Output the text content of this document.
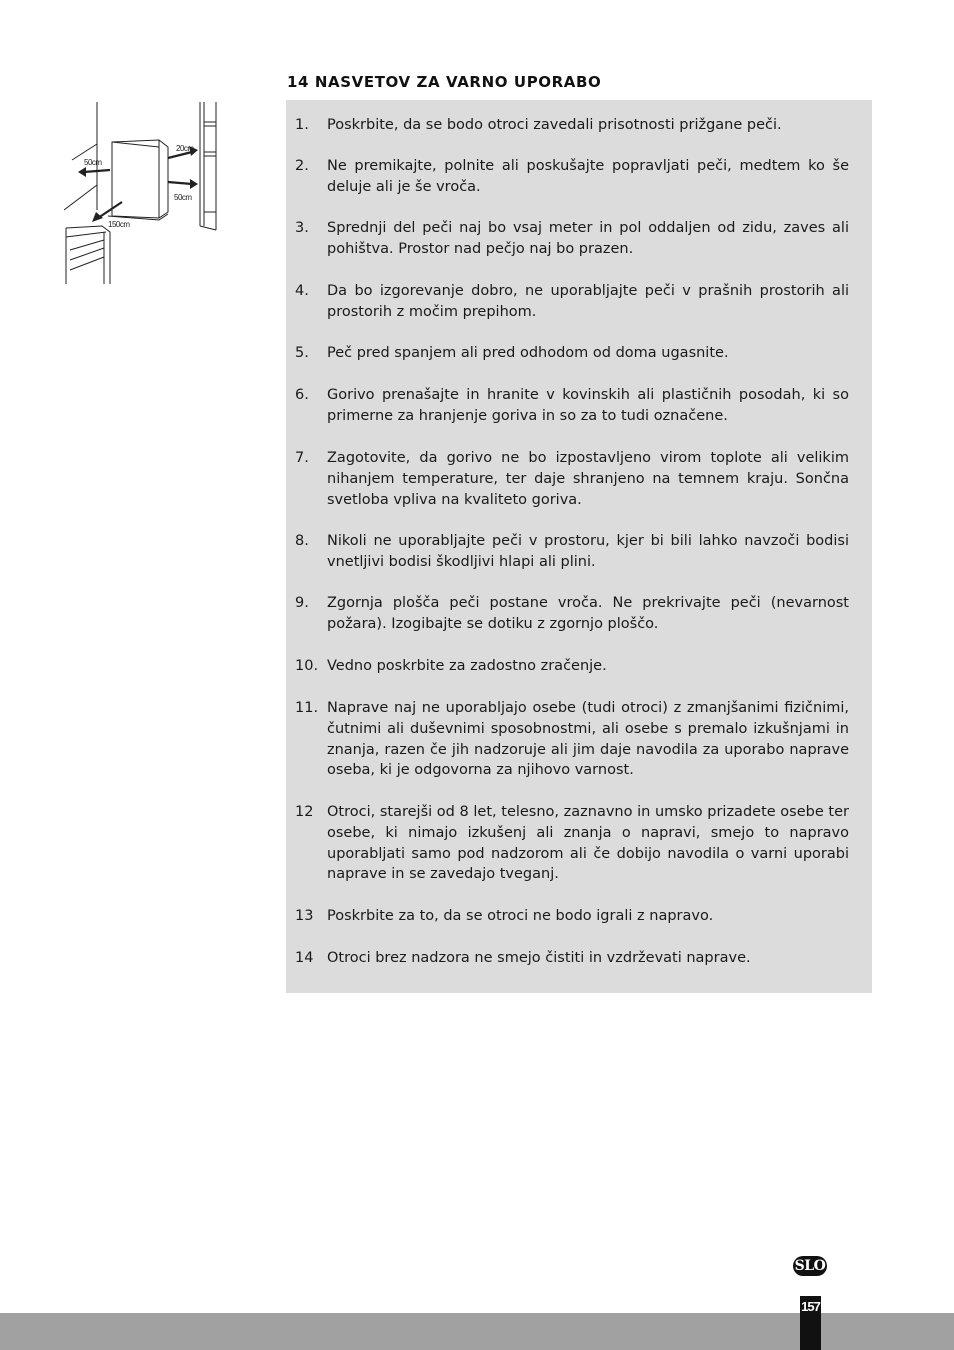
14 NASVETOV ZA VARNO UPORABO
50cm
20cm
50cm
150cm
1. Poskrbite, da se bodo otroci zavedali prisotnosti prižgane peči.
2. Ne premikajte, polnite ali poskušajte popravljati peči, medtem ko še deluje ali je še vroča.
3. Sprednji del peči naj bo vsaj meter in pol oddaljen od zidu, zaves ali pohištva. Prostor nad pečjo naj bo prazen.
4. Da bo izgorevanje dobro, ne uporabljajte peči v prašnih prostorih ali prostorih z močim prepihom.
5. Peč pred spanjem ali pred odhodom od doma ugasnite.
6. Gorivo prenašajte in hranite v kovinskih ali plastičnih posodah, ki so primerne za hranjenje goriva in so za to tudi označene.
7. Zagotovite, da gorivo ne bo izpostavljeno virom toplote ali velikim nihanjem temperature, ter daje shranjeno na temnem kraju. Sončna svetloba vpliva na kvaliteto goriva.
8. Nikoli ne uporabljajte peči v prostoru, kjer bi bili lahko navzoči bodisi vnetljivi bodisi škodljivi hlapi ali plini.
9. Zgornja plošča peči postane vroča. Ne prekrivajte peči (nevarnost požara). Izogibajte se dotiku z zgornjo ploščo.
10. Vedno poskrbite za zadostno zračenje.
11. Naprave naj ne uporabljajo osebe (tudi otroci) z zmanjšanimi fizičnimi, čutnimi ali duševnimi sposobnostmi, ali osebe s premalo izkušnjami in znanja, razen če jih nadzoruje ali jim daje navodila za uporabo naprave oseba, ki je odgovorna za njihovo varnost.
12 Otroci, starejši od 8 let, telesno, zaznavno in umsko prizadete osebe ter osebe, ki nimajo izkušenj ali znanja o napravi, smejo to napravo uporabljati samo pod nadzorom ali če dobijo navodila o varni uporabi naprave in se zavedajo tveganj.
13 Poskrbite za to, da se otroci ne bodo igrali z napravo.
14 Otroci brez nadzora ne smejo čistiti in vzdrževati naprave.
SLO
157
